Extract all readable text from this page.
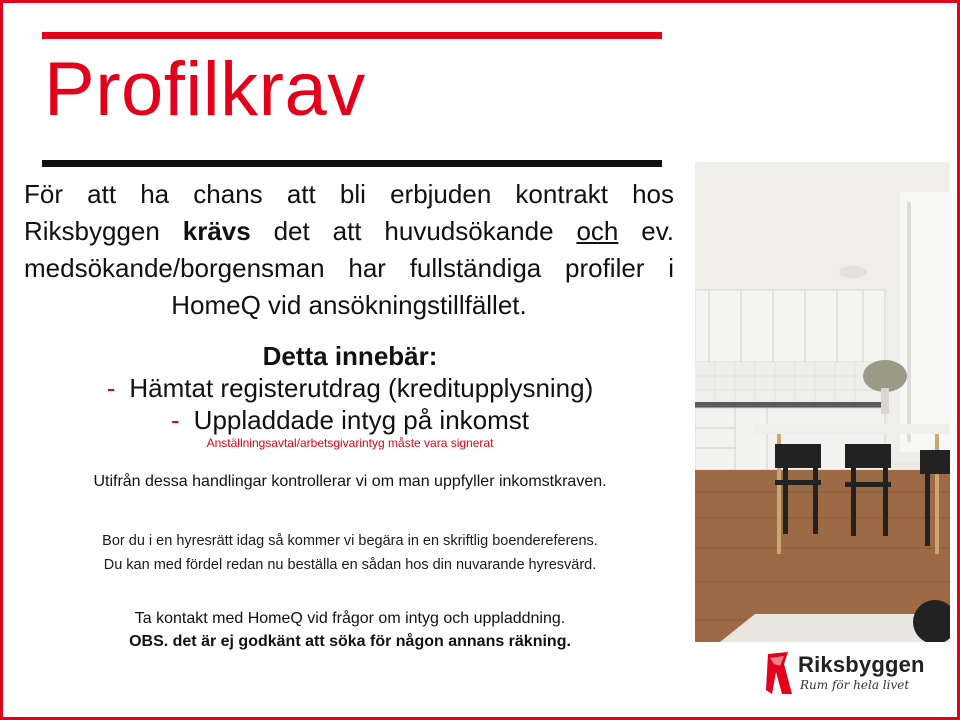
Profilkrav

För att ha chans att bli erbjuden kontrakt hos Riksbyggen krävs det att huvudsökande och ev. medsökande/borgensman har fullständiga profiler i HomeQ vid ansökningstillfället.

Detta innebär:
- Hämtat registerutdrag (kreditupplysning)
- Uppladdade intyg på inkomst
Anställningsavtal/arbetsgivarintyg måste vara signerat
Utifrån dessa handlingar kontrollerar vi om man uppfyller inkomstkraven.
Bor du i en hyresrätt idag så kommer vi begära in en skriftlig boendereferens.
Du kan med fördel redan nu beställa en sådan hos din nuvarande hyresvärd.
Ta kontakt med HomeQ vid frågor om intyg och uppladdning.
OBS. det är ej godkänt att söka för någon annans räkning.
Riksbyggen
Rum för hela livet
